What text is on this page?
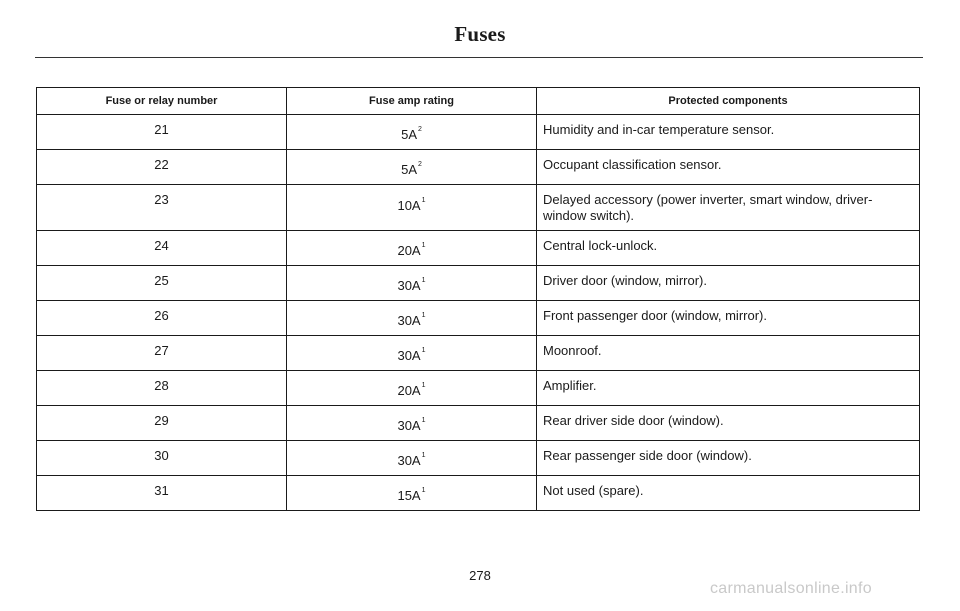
Fuses
Fuse or relay number	Fuse amp rating	Protected components
21	$5A^2$	Humidity and in-car temperature sensor.
22	$5A^2$	Occupant classification sensor.
23	$10A^1$	Delayed accessory (power inverter, smart window, driver-window switch).
24	$20A^1$	Central lock-unlock.
25	$30A^1$	Driver door (window, mirror).
26	$30A^1$	Front passenger door (window, mirror).
27	$30A^1$	Moonroof.
28	$20A^1$	Amplifier.
29	$30A^1$	Rear driver side door (window).
30	$30A^1$	Rear passenger side door (window).
31	$15A^1$	Not used (spare).
278
carmanualsonline.info
